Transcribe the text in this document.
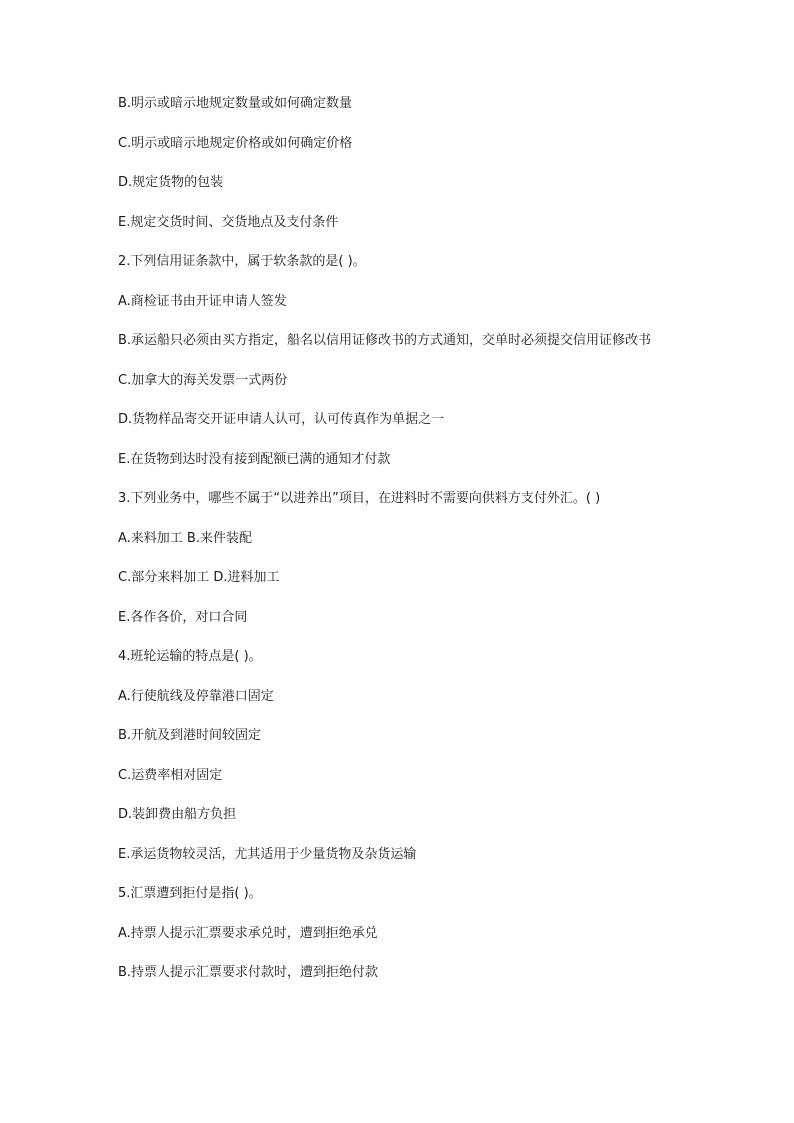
B.明示或暗示地规定数量或如何确定数量

C.明示或暗示地规定价格或如何确定价格

D.规定货物的包装

E.规定交货时间、交货地点及支付条件

2.下列信用证条款中，属于软条款的是( )。

A.商检证书由开证申请人签发

B.承运船只必须由买方指定，船名以信用证修改书的方式通知，交单时必须提交信用证修改书

C.加拿大的海关发票一式两份

D.货物样品寄交开证申请人认可，认可传真作为单据之一

E.在货物到达时没有接到配额已满的通知才付款

3.下列业务中，哪些不属于“以进养出”项目，在进料时不需要向供料方支付外汇。( )

A.来料加工 B.来件装配

C.部分来料加工 D.进料加工

E.各作各价，对口合同

4.班轮运输的特点是( )。

A.行使航线及停靠港口固定

B.开航及到港时间较固定

C.运费率相对固定

D.装卸费由船方负担

E.承运货物较灵活，尤其适用于少量货物及杂货运输

5.汇票遭到拒付是指( )。

A.持票人提示汇票要求承兑时，遭到拒绝承兑

B.持票人提示汇票要求付款时，遭到拒绝付款
